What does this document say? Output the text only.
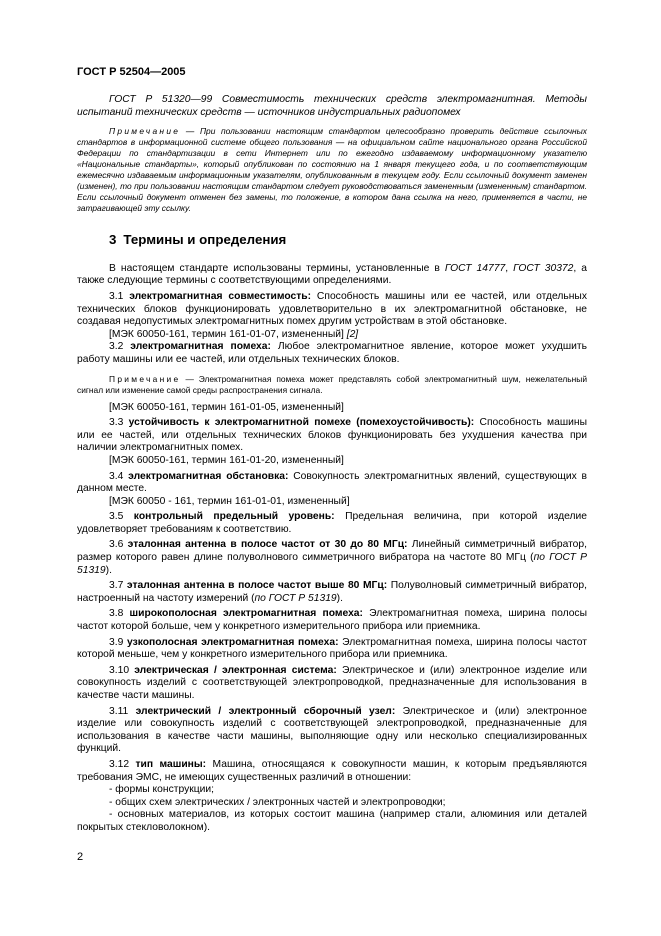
ГОСТ Р 52504—2005

ГОСТ Р 51320—99 Совместимость технических средств электромагнитная. Методы испытаний технических средств — источников индустриальных радиопомех

Примечание — При пользовании настоящим стандартом целесообразно проверить действие ссылочных стандартов в информационной системе общего пользования — на официальном сайте национального органа Российской Федерации по стандартизации в сети Интернет или по ежегодно издаваемому информационному указателю «Национальные стандарты», который опубликован по состоянию на 1 января текущего года, и по соответствующим ежемесячно издаваемым информационным указателям, опубликованным в текущем году. Если ссылочный документ заменен (изменен), то при пользовании настоящим стандартом следует руководствоваться замененным (измененным) стандартом. Если ссылочный документ отменен без замены, то положение, в котором дана ссылка на него, применяется в части, не затрагивающей эту ссылку.

3 Термины и определения

В настоящем стандарте использованы термины, установленные в ГОСТ 14777, ГОСТ 30372, а также следующие термины с соответствующими определениями.

3.1 электромагнитная совместимость: Способность машины или ее частей, или отдельных технических блоков функционировать удовлетворительно в их электромагнитной обстановке, не создавая недопустимых электромагнитных помех другим устройствам в этой обстановке.

[МЭК 60050-161, термин 161-01-07, измененный] [2]

3.2 электромагнитная помеха: Любое электромагнитное явление, которое может ухудшить работу машины или ее частей, или отдельных технических блоков.

Примечание — Электромагнитная помеха может представлять собой электромагнитный шум, нежелательный сигнал или изменение самой среды распространения сигнала.

[МЭК 60050-161, термин 161-01-05, измененный]

3.3 устойчивость к электромагнитной помехе (помехоустойчивость): Способность машины или ее частей, или отдельных технических блоков функционировать без ухудшения качества при наличии электромагнитных помех.

[МЭК 60050-161, термин 161-01-20, измененный]

3.4 электромагнитная обстановка: Совокупность электромагнитных явлений, существующих в данном месте.

[МЭК 60050 - 161, термин 161-01-01, измененный]

3.5 контрольный предельный уровень: Предельная величина, при которой изделие удовлетворяет требованиям к соответствию.

3.6 эталонная антенна в полосе частот от 30 до 80 МГц: Линейный симметричный вибратор, размер которого равен длине полуволнового симметричного вибратора на частоте 80 МГц (по ГОСТ Р 51319).

3.7 эталонная антенна в полосе частот выше 80 МГц: Полуволновый симметричный вибратор, настроенный на частоту измерений (по ГОСТ Р 51319).

3.8 широкополосная электромагнитная помеха: Электромагнитная помеха, ширина полосы частот которой больше, чем у конкретного измерительного прибора или приемника.

3.9 узкополосная электромагнитная помеха: Электромагнитная помеха, ширина полосы частот которой меньше, чем у конкретного измерительного прибора или приемника.

3.10 электрическая / электронная система: Электрическое и (или) электронное изделие или совокупность изделий с соответствующей электропроводкой, предназначенные для использования в качестве части машины.

3.11 электрический / электронный сборочный узел: Электрическое и (или) электронное изделие или совокупность изделий с соответствующей электропроводкой, предназначенные для использования в качестве части машины, выполняющие одну или несколько специализированных функций.

3.12 тип машины: Машина, относящаяся к совокупности машин, к которым предъявляются требования ЭМС, не имеющих существенных различий в отношении:

- формы конструкции;

- общих схем электрических / электронных частей и электропроводки;

- основных материалов, из которых состоит машина (например стали, алюминия или деталей покрытых стекловолокном).

2
